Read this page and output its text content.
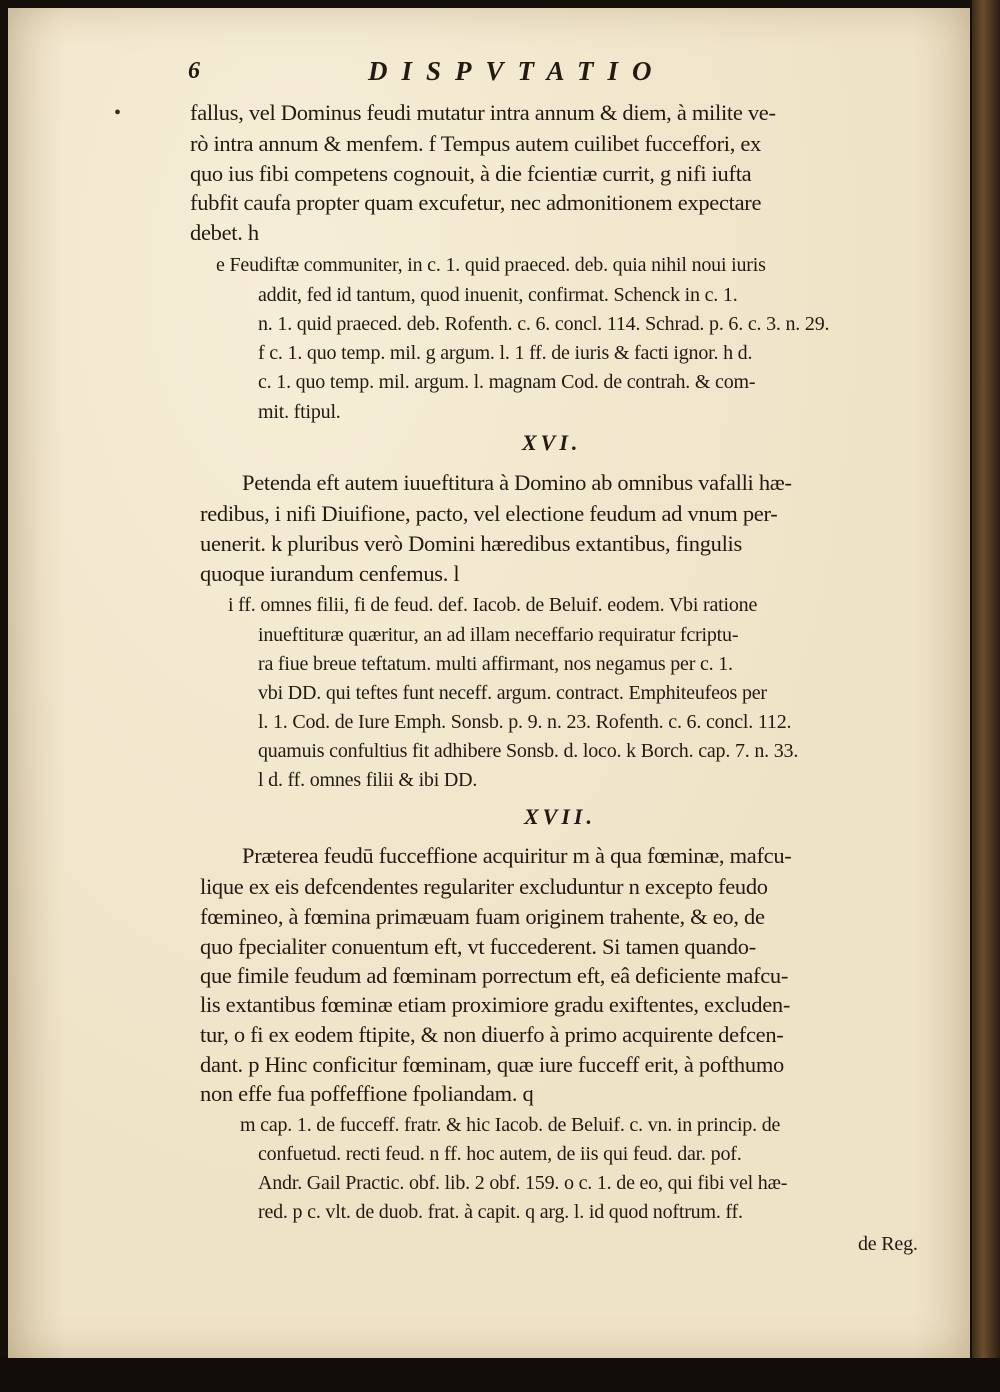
6	DISPVTATIO
•	fallus, vel Dominus feudi mutatur intra annum & diem, à milite ve-
rò intra annum & menfem. f Tempus autem cuilibet fucceffori, ex
quo ius fibi competens cognouit, à die fcientiæ currit, g nifi iufta
fubfit caufa propter quam excufetur, nec admonitionem expectare
debet. h
e Feudiftæ communiter, in c. 1. quid praeced. deb. quia nihil noui iuris
addit, fed id tantum, quod inuenit, confirmat. Schenck in c. 1.
n. 1. quid praeced. deb. Rofenth. c. 6. concl. 114. Schrad. p. 6. c. 3. n. 29.
f c. 1. quo temp. mil. g argum. l. 1 ff. de iuris & facti ignor. h d.
c. 1. quo temp. mil. argum. l. magnam Cod. de contrah. & com-
mit. ftipul.
XVI.
Petenda eft autem iuueftitura à Domino ab omnibus vafalli hæ-
redibus, i nifi Diuifione, pacto, vel electione feudum ad vnum per-
uenerit. k pluribus verò Domini hæredibus extantibus, fingulis
quoque iurandum cenfemus. l
i ff. omnes filii, fi de feud. def. Iacob. de Beluif. eodem. Vbi ratione
inueftituræ quæritur, an ad illam neceffario requiratur fcriptu-
ra fiue breue teftatum. multi affirmant, nos negamus per c. 1.
vbi DD. qui teftes funt neceff. argum. contract. Emphiteufeos per
l. 1. Cod. de Iure Emph. Sonsb. p. 9. n. 23. Rofenth. c. 6. concl. 112.
quamuis confultius fit adhibere Sonsb. d. loco. k Borch. cap. 7. n. 33.
l d. ff. omnes filii & ibi DD.
XVII.
Præterea feudū fucceffione acquiritur m à qua fœminæ, mafcu-
lique ex eis defcendentes regulariter excluduntur n excepto feudo
fœmineo, à fœmina primæuam fuam originem trahente, & eo, de
quo fpecialiter conuentum eft, vt fuccederent. Si tamen quando-
que fimile feudum ad fœminam porrectum eft, eâ deficiente mafcu-
lis extantibus fœminæ etiam proximiore gradu exiftentes, excluden-
tur, o fi ex eodem ftipite, & non diuerfo à primo acquirente defcen-
dant. p Hinc conficitur fœminam, quæ iure fucceff erit, à pofthumo
non effe fua poffeffione fpoliandam. q
m cap. 1. de fucceff. fratr. & hic Iacob. de Beluif. c. vn. in princip. de
confuetud. recti feud. n ff. hoc autem, de iis qui feud. dar. pof.
Andr. Gail Practic. obf. lib. 2 obf. 159. o c. 1. de eo, qui fibi vel hæ-
red. p c. vlt. de duob. frat. à capit. q arg. l. id quod noftrum. ff.
de Reg.
